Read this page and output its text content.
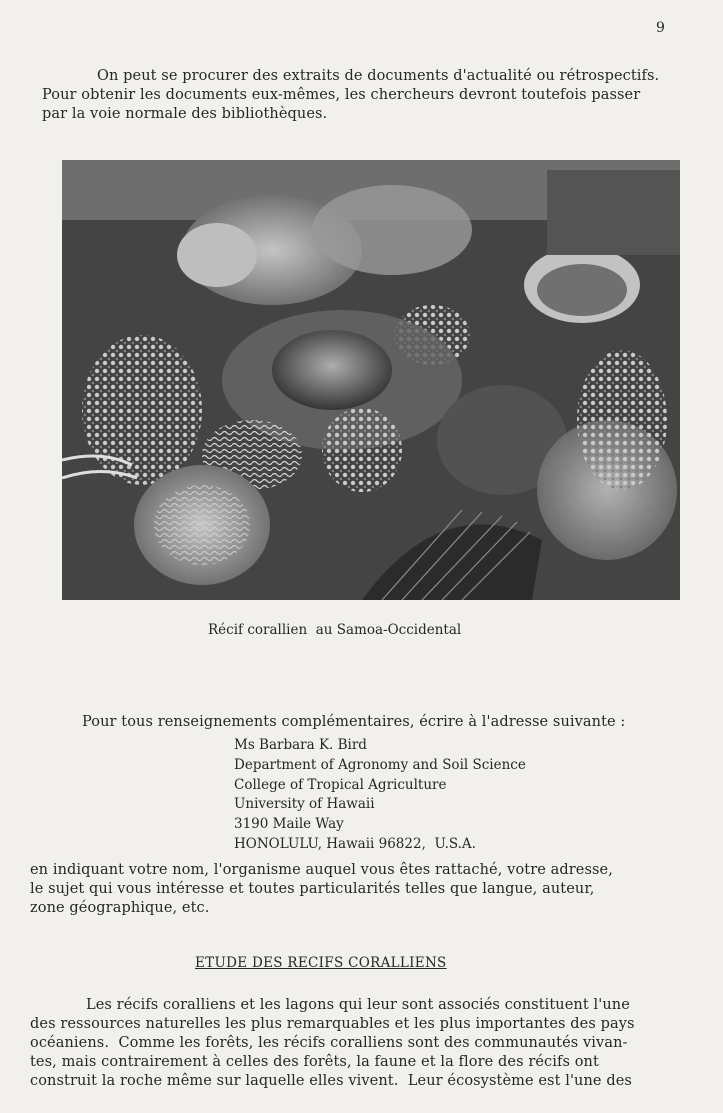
9

On peut se procurer des extraits de documents d'actualité ou rétrospectifs.
Pour obtenir les documents eux-mêmes, les chercheurs devront toutefois passer
par la voie normale des bibliothèques.

Récif corallien  au Samoa-Occidental

Pour tous renseignements complémentaires, écrire à l'adresse suivante :

Ms Barbara K. Bird
Department of Agronomy and Soil Science
College of Tropical Agriculture
University of Hawaii
3190 Maile Way
HONOLULU, Hawaii 96822,  U.S.A.

en indiquant votre nom, l'organisme auquel vous êtes rattaché, votre adresse,
le sujet qui vous intéresse et toutes particularités telles que langue, auteur,
zone géographique, etc.

ETUDE DES RECIFS CORALLIENS

Les récifs coralliens et les lagons qui leur sont associés constituent l'une
des ressources naturelles les plus remarquables et les plus importantes des pays
océaniens.  Comme les forêts, les récifs coralliens sont des communautés vivan-
tes, mais contrairement à celles des forêts, la faune et la flore des récifs ont
construit la roche même sur laquelle elles vivent.  Leur écosystème est l'une des
